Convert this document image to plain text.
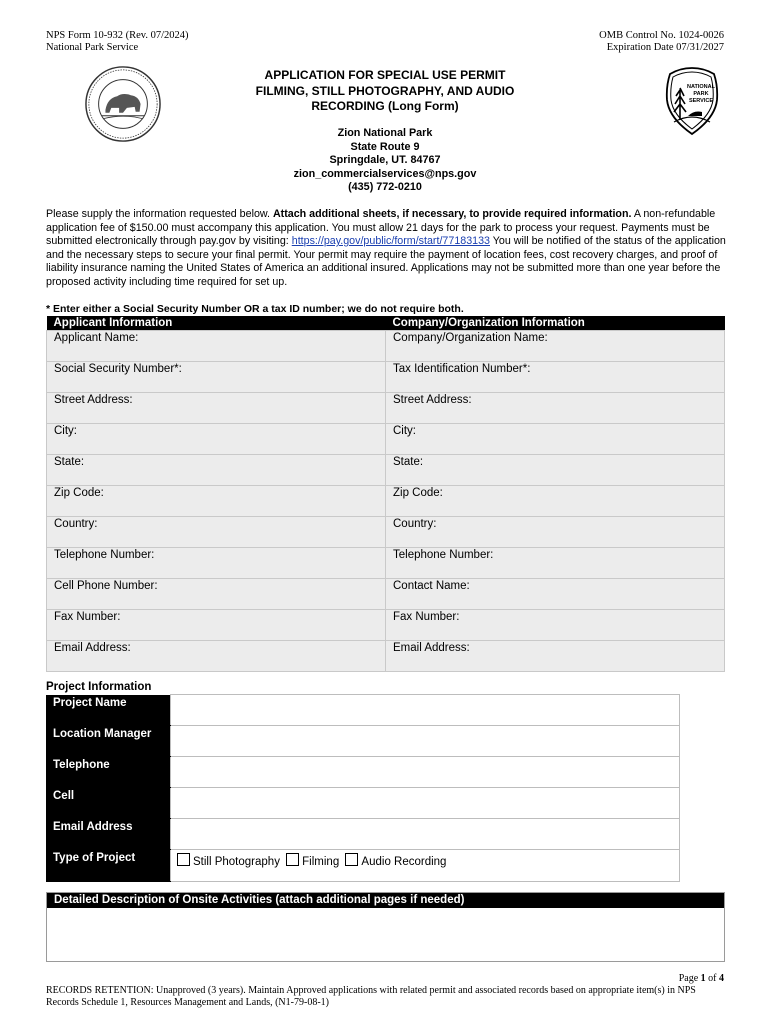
NPS Form 10-932 (Rev. 07/2024)
National Park Service
OMB Control No. 1024-0026
Expiration Date 07/31/2027
NATIONAL
PARK
SERVICE
APPLICATION FOR SPECIAL USE PERMIT
FILMING, STILL PHOTOGRAPHY, AND AUDIO
RECORDING (Long Form)
Zion National Park
State Route 9
Springdale, UT. 84767
zion_commercialservices@nps.gov
(435) 772-0210
Please supply the information requested below. Attach additional sheets, if necessary, to provide required information. A non-refundable application fee of $150.00 must accompany this application. You must allow 21 days for the park to process your request. Payments must be submitted electronically through pay.gov by visiting: https://pay.gov/public/form/start/77183133 You will be notified of the status of the application and the necessary steps to secure your final permit. Your permit may require the payment of location fees, cost recovery charges, and proof of liability insurance naming the United States of America an additional insured. Applications may not be submitted more than one year before the proposed activity including time required for set up.
* Enter either a Social Security Number OR a tax ID number; we do not require both.
Applicant Information	Company/Organization Information
Applicant Name:	Company/Organization Name:
Social Security Number*:	Tax Identification Number*:
Street Address:	Street Address:
City:	City:
State:	State:
Zip Code:	Zip Code:
Country:	Country:
Telephone Number:	Telephone Number:
Cell Phone Number:	Contact Name:
Fax Number:	Fax Number:
Email Address:	Email Address:
Project Information
Project Name	
Location Manager	
Telephone	
Cell	
Email Address	
Type of Project	Still Photography Filming Audio Recording
Detailed Description of Onsite Activities (attach additional pages if needed)
Page 1 of 4
RECORDS RETENTION: Unapproved (3 years). Maintain Approved applications with related permit and associated records based on appropriate item(s) in NPS Records Schedule 1, Resources Management and Lands, (N1-79-08-1)
